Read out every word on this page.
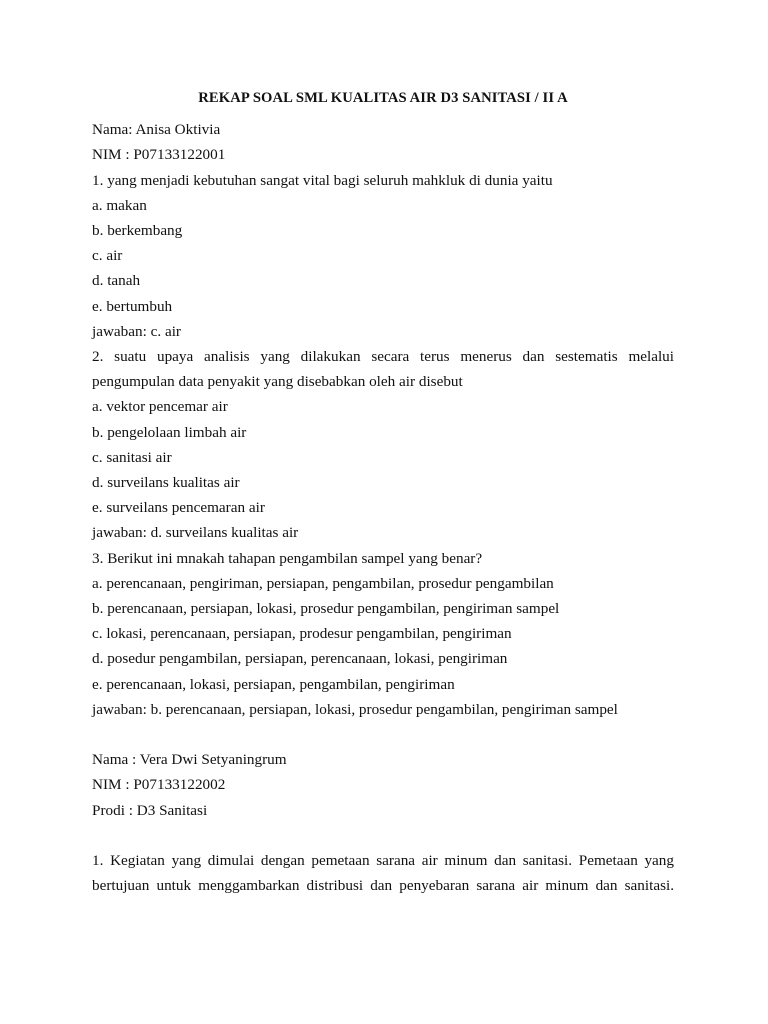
REKAP SOAL SML KUALITAS AIR D3 SANITASI / II A

Nama: Anisa Oktivia

NIM : P07133122001

1. yang menjadi kebutuhan sangat vital bagi seluruh mahkluk di dunia yaitu

a. makan

b. berkembang

c. air

d. tanah

e. bertumbuh

jawaban: c. air

2. suatu upaya analisis yang dilakukan secara terus menerus dan sestematis melalui pengumpulan data penyakit yang disebabkan oleh air disebut

a. vektor pencemar air

b. pengelolaan limbah air

c. sanitasi air

d. surveilans kualitas air

e. surveilans pencemaran air

jawaban: d. surveilans kualitas air

3. Berikut ini mnakah tahapan pengambilan sampel yang benar?

a. perencanaan, pengiriman, persiapan, pengambilan, prosedur pengambilan

b. perencanaan, persiapan, lokasi, prosedur pengambilan, pengiriman sampel

c. lokasi, perencanaan, persiapan, prodesur pengambilan, pengiriman

d. posedur pengambilan, persiapan, perencanaan, lokasi, pengiriman

e. perencanaan, lokasi, persiapan, pengambilan, pengiriman

jawaban: b. perencanaan, persiapan, lokasi, prosedur pengambilan, pengiriman sampel

Nama : Vera Dwi Setyaningrum

NIM : P07133122002

Prodi : D3 Sanitasi

1. Kegiatan yang dimulai dengan pemetaan sarana air minum dan sanitasi. Pemetaan yang

bertujuan untuk menggambarkan distribusi dan penyebaran sarana air minum dan sanitasi.
